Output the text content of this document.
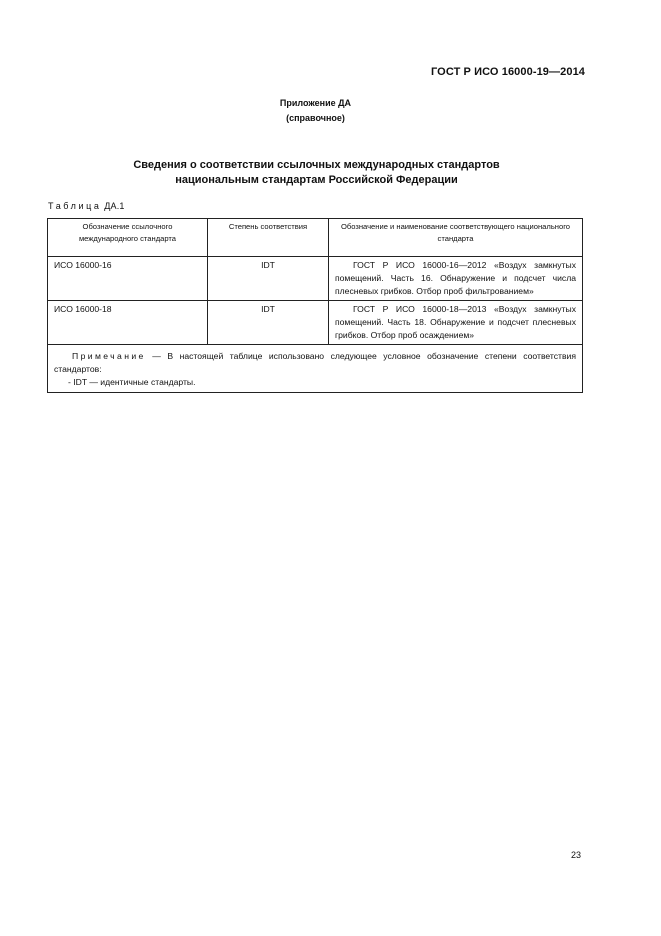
ГОСТ Р ИСО 16000-19—2014
Приложение ДА
(справочное)
Сведения о соответствии ссылочных международных стандартов
национальным стандартам Российской Федерации
Таблица ДА.1
Обозначение ссылочного международного стандарта	Степень соответствия	Обозначение и наименование соответствующего национального стандарта
ИСО 16000-16	IDT	ГОСТ Р ИСО 16000-16—2012 «Воздух замкнутых помещений. Часть 16. Обнаружение и подсчет числа плесневых грибков. Отбор проб фильтрованием»
ИСО 16000-18	IDT	ГОСТ Р ИСО 16000-18—2013 «Воздух замкнутых помещений. Часть 18. Обнаружение и подсчет плесневых грибков. Отбор проб осаждением»

Примечание — В настоящей таблице использовано следующее условное обозначение степени соответствия стандартов:
- IDT — идентичные стандарты.		
23
